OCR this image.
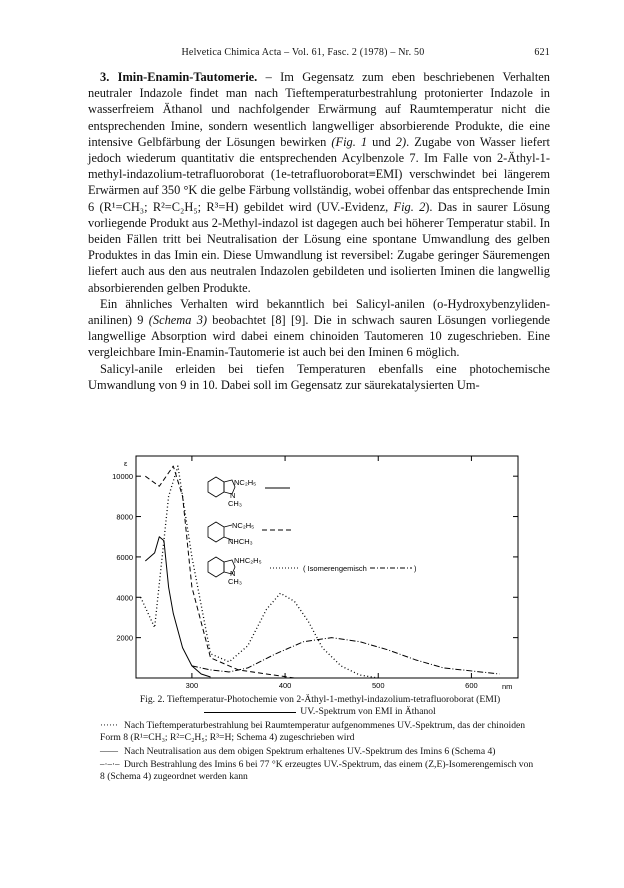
Helvetica Chimica Acta – Vol. 61, Fasc. 2 (1978) – Nr. 50	621

3. Imin-Enamin-Tautomerie. – Im Gegensatz zum eben beschriebenen Verhalten neutraler Indazole findet man nach Tieftemperaturbestrahlung protonierter Indazole in wasserfreiem Äthanol und nachfolgender Erwärmung auf Raumtemperatur nicht die entsprechenden Imine, sondern wesentlich langwelliger absorbierende Produkte, die eine intensive Gelbfärbung der Lösungen bewirken (Fig. 1 und 2). Zugabe von Wasser liefert jedoch wiederum quantitativ die entsprechenden Acylbenzole 7. Im Falle von 2-Äthyl-1-methyl-indazolium-tetrafluoroborat (1e-tetrafluoroborat≡EMI) verschwindet bei längerem Erwärmen auf 350 °K die gelbe Färbung vollständig, wobei offenbar das entsprechende Imin 6 (R¹=CH₃; R²=C₂H₅; R³=H) gebildet wird (UV.-Evidenz, Fig. 2). Das in saurer Lösung vorliegende Produkt aus 2-Methyl-indazol ist dagegen auch bei höherer Temperatur stabil. In beiden Fällen tritt bei Neutralisation der Lösung eine spontane Umwandlung des gelben Produktes in das Imin ein. Diese Umwandlung ist reversibel: Zugabe geringer Säuremengen liefert auch aus den aus neutralen Indazolen gebildeten und isolierten Iminen die langwellig absorbierenden gelben Produkte.

Ein ähnliches Verhalten wird bekanntlich bei Salicyl-anilen (o-Hydroxybenzyliden-anilinen) 9 (Schema 3) beobachtet [8] [9]. Die in schwach sauren Lösungen vorliegende langwellige Absorption wird dabei einem chinoiden Tautomeren 10 zugeschrieben. Eine vergleichbare Imin-Enamin-Tautomerie ist auch bei den Iminen 6 möglich.

Salicyl-anile erleiden bei tiefen Temperaturen ebenfalls eine photochemische Umwandlung von 9 in 10. Dabei soll im Gegensatz zur säurekatalysierten Um-

ε
10000
8000
6000
4000
2000
300	400	500	600	nm
NC₂H₅
N
CH₃
NC₂H₅
NHCH₃
NHC₂H₅
N
CH₃
( Isomerengemisch	)
Fig. 2. Tieftemperatur-Photochemie von 2-Äthyl-1-methyl-indazolium-tetrafluoroborat (EMI)
UV.-Spektrum von EMI in Äthanol
······ Nach Tieftemperaturbestrahlung bei Raumtemperatur aufgenommenes UV.-Spektrum, das der chinoiden Form 8 (R¹=CH₃; R²=C₂H₅; R³=H; Schema 4) zugeschrieben wird
–––– Nach Neutralisation aus dem obigen Spektrum erhaltenes UV.-Spektrum des Imins 6 (Schema 4)
–·–·– Durch Bestrahlung des Imins 6 bei 77 °K erzeugtes UV.-Spektrum, das einem (Z,E)-Isomerengemisch von 8 (Schema 4) zugeordnet werden kann
